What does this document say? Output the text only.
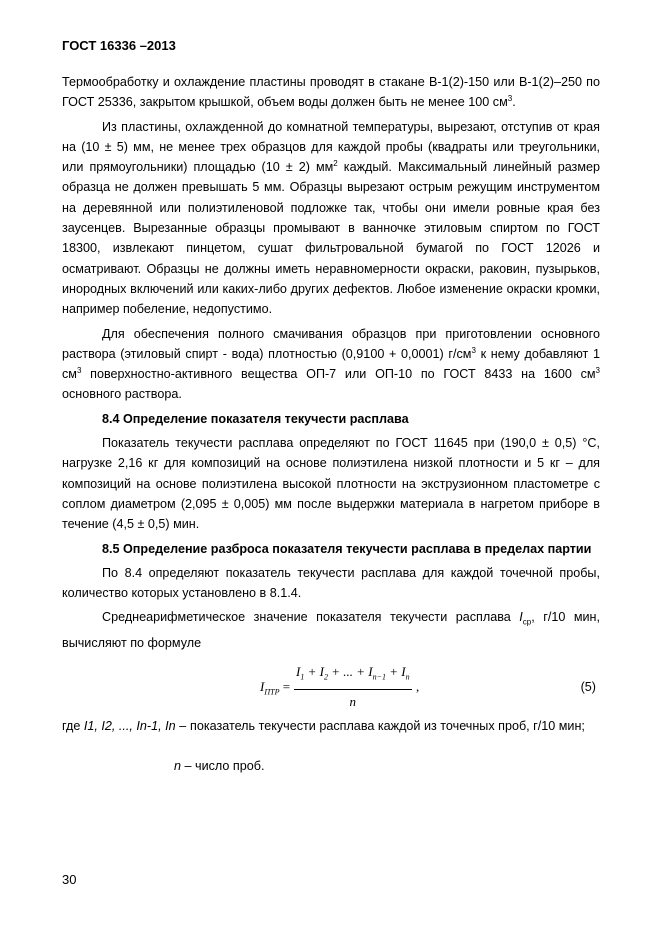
ГОСТ 16336 –2013
Термообработку и охлаждение пластины проводят в стакане В-1(2)-150 или В-1(2)–250 по ГОСТ 25336, закрытом крышкой, объем воды должен быть не менее 100 $см^3$.
Из пластины, охлажденной до комнатной температуры, вырезают, отступив от края на (10 ± 5) мм, не менее трех образцов для каждой пробы (квадраты или треугольники, или прямоугольники) площадью (10 ± 2) $мм^2$ каждый. Максимальный линейный размер образца не должен превышать 5 мм. Образцы вырезают острым режущим инструментом на деревянной или полиэтиленовой подложке так, чтобы они имели ровные края без заусенцев. Вырезанные образцы промывают в ванночке этиловым спиртом по ГОСТ 18300, извлекают пинцетом, сушат фильтровальной бумагой по ГОСТ 12026 и осматривают. Образцы не должны иметь неравномерности окраски, раковин, пузырьков, инородных включений или каких-либо других дефектов. Любое изменение окраски кромки, например побеление, недопустимо.
Для обеспечения полного смачивания образцов при приготовлении основного раствора (этиловый спирт - вода) плотностью (0,9100 + 0,0001) $г/см^3$ к нему добавляют 1 $см^3$ поверхностно-активного вещества ОП-7 или ОП-10 по ГОСТ 8433 на 1600 $см^3$ основного раствора.
8.4 Определение показателя текучести расплава
Показатель текучести расплава определяют по ГОСТ 11645 при (190,0 ± 0,5) °С, нагрузке 2,16 кг для композиций на основе полиэтилена низкой плотности и 5 кг – для композиций на основе полиэтилена высокой плотности на экструзионном пластометре с соплом диаметром (2,095 ± 0,005) мм после выдержки материала в нагретом приборе в течение (4,5 ± 0,5) мин.
8.5 Определение разброса показателя текучести расплава в пределах партии
По 8.4 определяют показатель текучести расплава для каждой точечной пробы, количество которых установлено в 8.1.4.
Среднеарифметическое значение показателя текучести расплава $I_{ср}$, г/10 мин, вычисляют по формуле
$I_{ПТР} = \frac{I_1 + I_2 + ... + I_{n-1} + I_n}{n}$ ,	(5)
где I1, I2, ..., In-1, In – показатель текучести расплава каждой из точечных проб, г/10 мин;
n – число проб.
30
